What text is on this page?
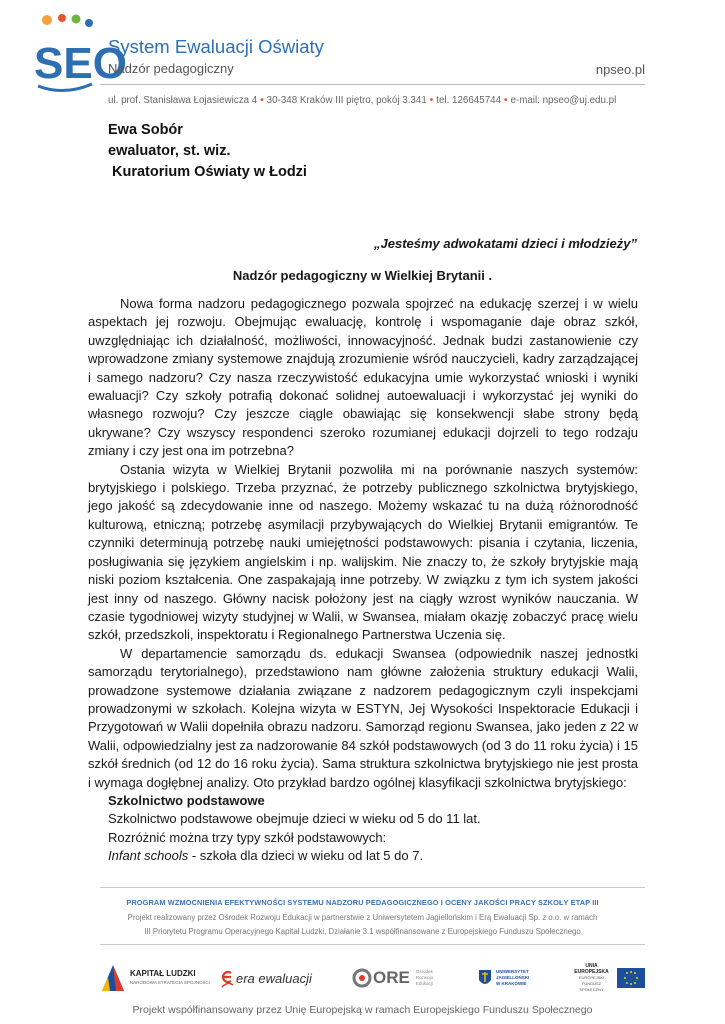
SEO
System Ewaluacji Oświaty
Nadzór pedagogiczny	npseo.pl
ul. prof. Stanisława Łojasiewicza 4 • 30-348 Kraków III piętro, pokój 3.341 • tel. 126645744 • e-mail: npseo@uj.edu.pl
Ewa Sobór
ewaluator, st. wiz.
Kuratorium Oświaty w Łodzi
„Jesteśmy adwokatami dzieci i młodzieży”
Nadzór pedagogiczny w Wielkiej Brytanii .

Nowa forma nadzoru pedagogicznego pozwala spojrzeć na edukację szerzej i w wielu aspektach jej rozwoju. Obejmując ewaluację, kontrolę i wspomaganie daje obraz szkół, uwzględniając ich działalność, możliwości, innowacyjność. Jednak budzi zastanowienie czy wprowadzone zmiany systemowe znajdują zrozumienie wśród nauczycieli, kadry zarządzającej i samego nadzoru? Czy nasza rzeczywistość edukacyjna umie wykorzystać wnioski i wyniki ewaluacji? Czy szkoły potrafią dokonać solidnej autoewaluacji i wykorzystać jej wyniki do własnego rozwoju? Czy jeszcze ciągle obawiając się konsekwencji słabe strony będą ukrywane? Czy wszyscy respondenci szeroko rozumianej edukacji dojrzeli to tego rodzaju zmiany i czy jest ona im potrzebna?

Ostania wizyta w Wielkiej Brytanii pozwoliła mi na porównanie naszych systemów: brytyjskiego i polskiego. Trzeba przyznać, że potrzeby publicznego szkolnictwa brytyjskiego, jego jakość są zdecydowanie inne od naszego. Możemy wskazać tu na dużą różnorodność kulturową, etniczną; potrzebę asymilacji przybywających do Wielkiej Brytanii emigrantów. Te czynniki determinują potrzebę nauki umiejętności podstawowych: pisania i czytania, liczenia, posługiwania się językiem angielskim i np. walijskim. Nie znaczy to, że szkoły brytyjskie mają niski poziom kształcenia. One zaspakajają inne potrzeby. W związku z tym ich system jakości jest inny od naszego. Główny nacisk położony jest na ciągły wzrost wyników nauczania. W czasie tygodniowej wizyty studyjnej w Walii, w Swansea, miałam okazję zobaczyć pracę wielu szkół, przedszkoli, inspektoratu i Regionalnego Partnerstwa Uczenia się.

W departamencie samorządu ds. edukacji Swansea (odpowiednik naszej jednostki samorządu terytorialnego), przedstawiono nam główne założenia struktury edukacji Walii, prowadzone systemowe działania związane z nadzorem pedagogicznym czyli inspekcjami prowadzonymi w szkołach. Kolejna wizyta w ESTYN, Jej Wysokości Inspektoracie Edukacji i Przygotowań w Walii dopełniła obrazu nadzoru. Samorząd regionu Swansea, jako jeden z 22 w Walii, odpowiedzialny jest za nadzorowanie 84 szkół podstawowych (od 3 do 11 roku życia) i 15 szkół średnich (od 12 do 16 roku życia). Sama struktura szkolnictwa brytyjskiego nie jest prosta i wymaga dogłębnej analizy. Oto przykład bardzo ogólnej klasyfikacji szkolnictwa brytyjskiego:

Szkolnictwo podstawowe

Szkolnictwo podstawowe obejmuje dzieci w wieku od 5 do 11 lat.

Rozróżnić można trzy typy szkół podstawowych:

Infant schools - szkoła dla dzieci w wieku od lat 5 do 7.

PROGRAM WZMOCNIENIA EFEKTYWNOŚCI SYSTEMU NADZORU PEDAGOGICZNEGO I OCENY JAKOŚCI PRACY SZKOŁY ETAP III
Projekt realizowany przez Ośrodek Rozwoju Edukacji w partnerstwie z Uniwersytetem Jagiellońskim i Erą Ewaluacji Sp. z o.o. w ramach
III Priorytetu Programu Operacyjnego Kapitał Ludzki, Działanie 3.1 współfinansowane z Europejskiego Funduszu Społecznego
KAPITAŁ LUDZKI
NARODOWA STRATEGIA SPÓJNOŚCI era ewaluacji	ORE Ośrodek
Rozwoju
Edukacji
UNIWERSYTET
JAGIELLOŃSKI
W KRAKOWIE
UNIA EUROPEJSKA
EUROPEJSKI
FUNDUSZ SPOŁECZNY
Projekt współfinansowany przez Unię Europejską w ramach Europejskiego Funduszu Społecznego
